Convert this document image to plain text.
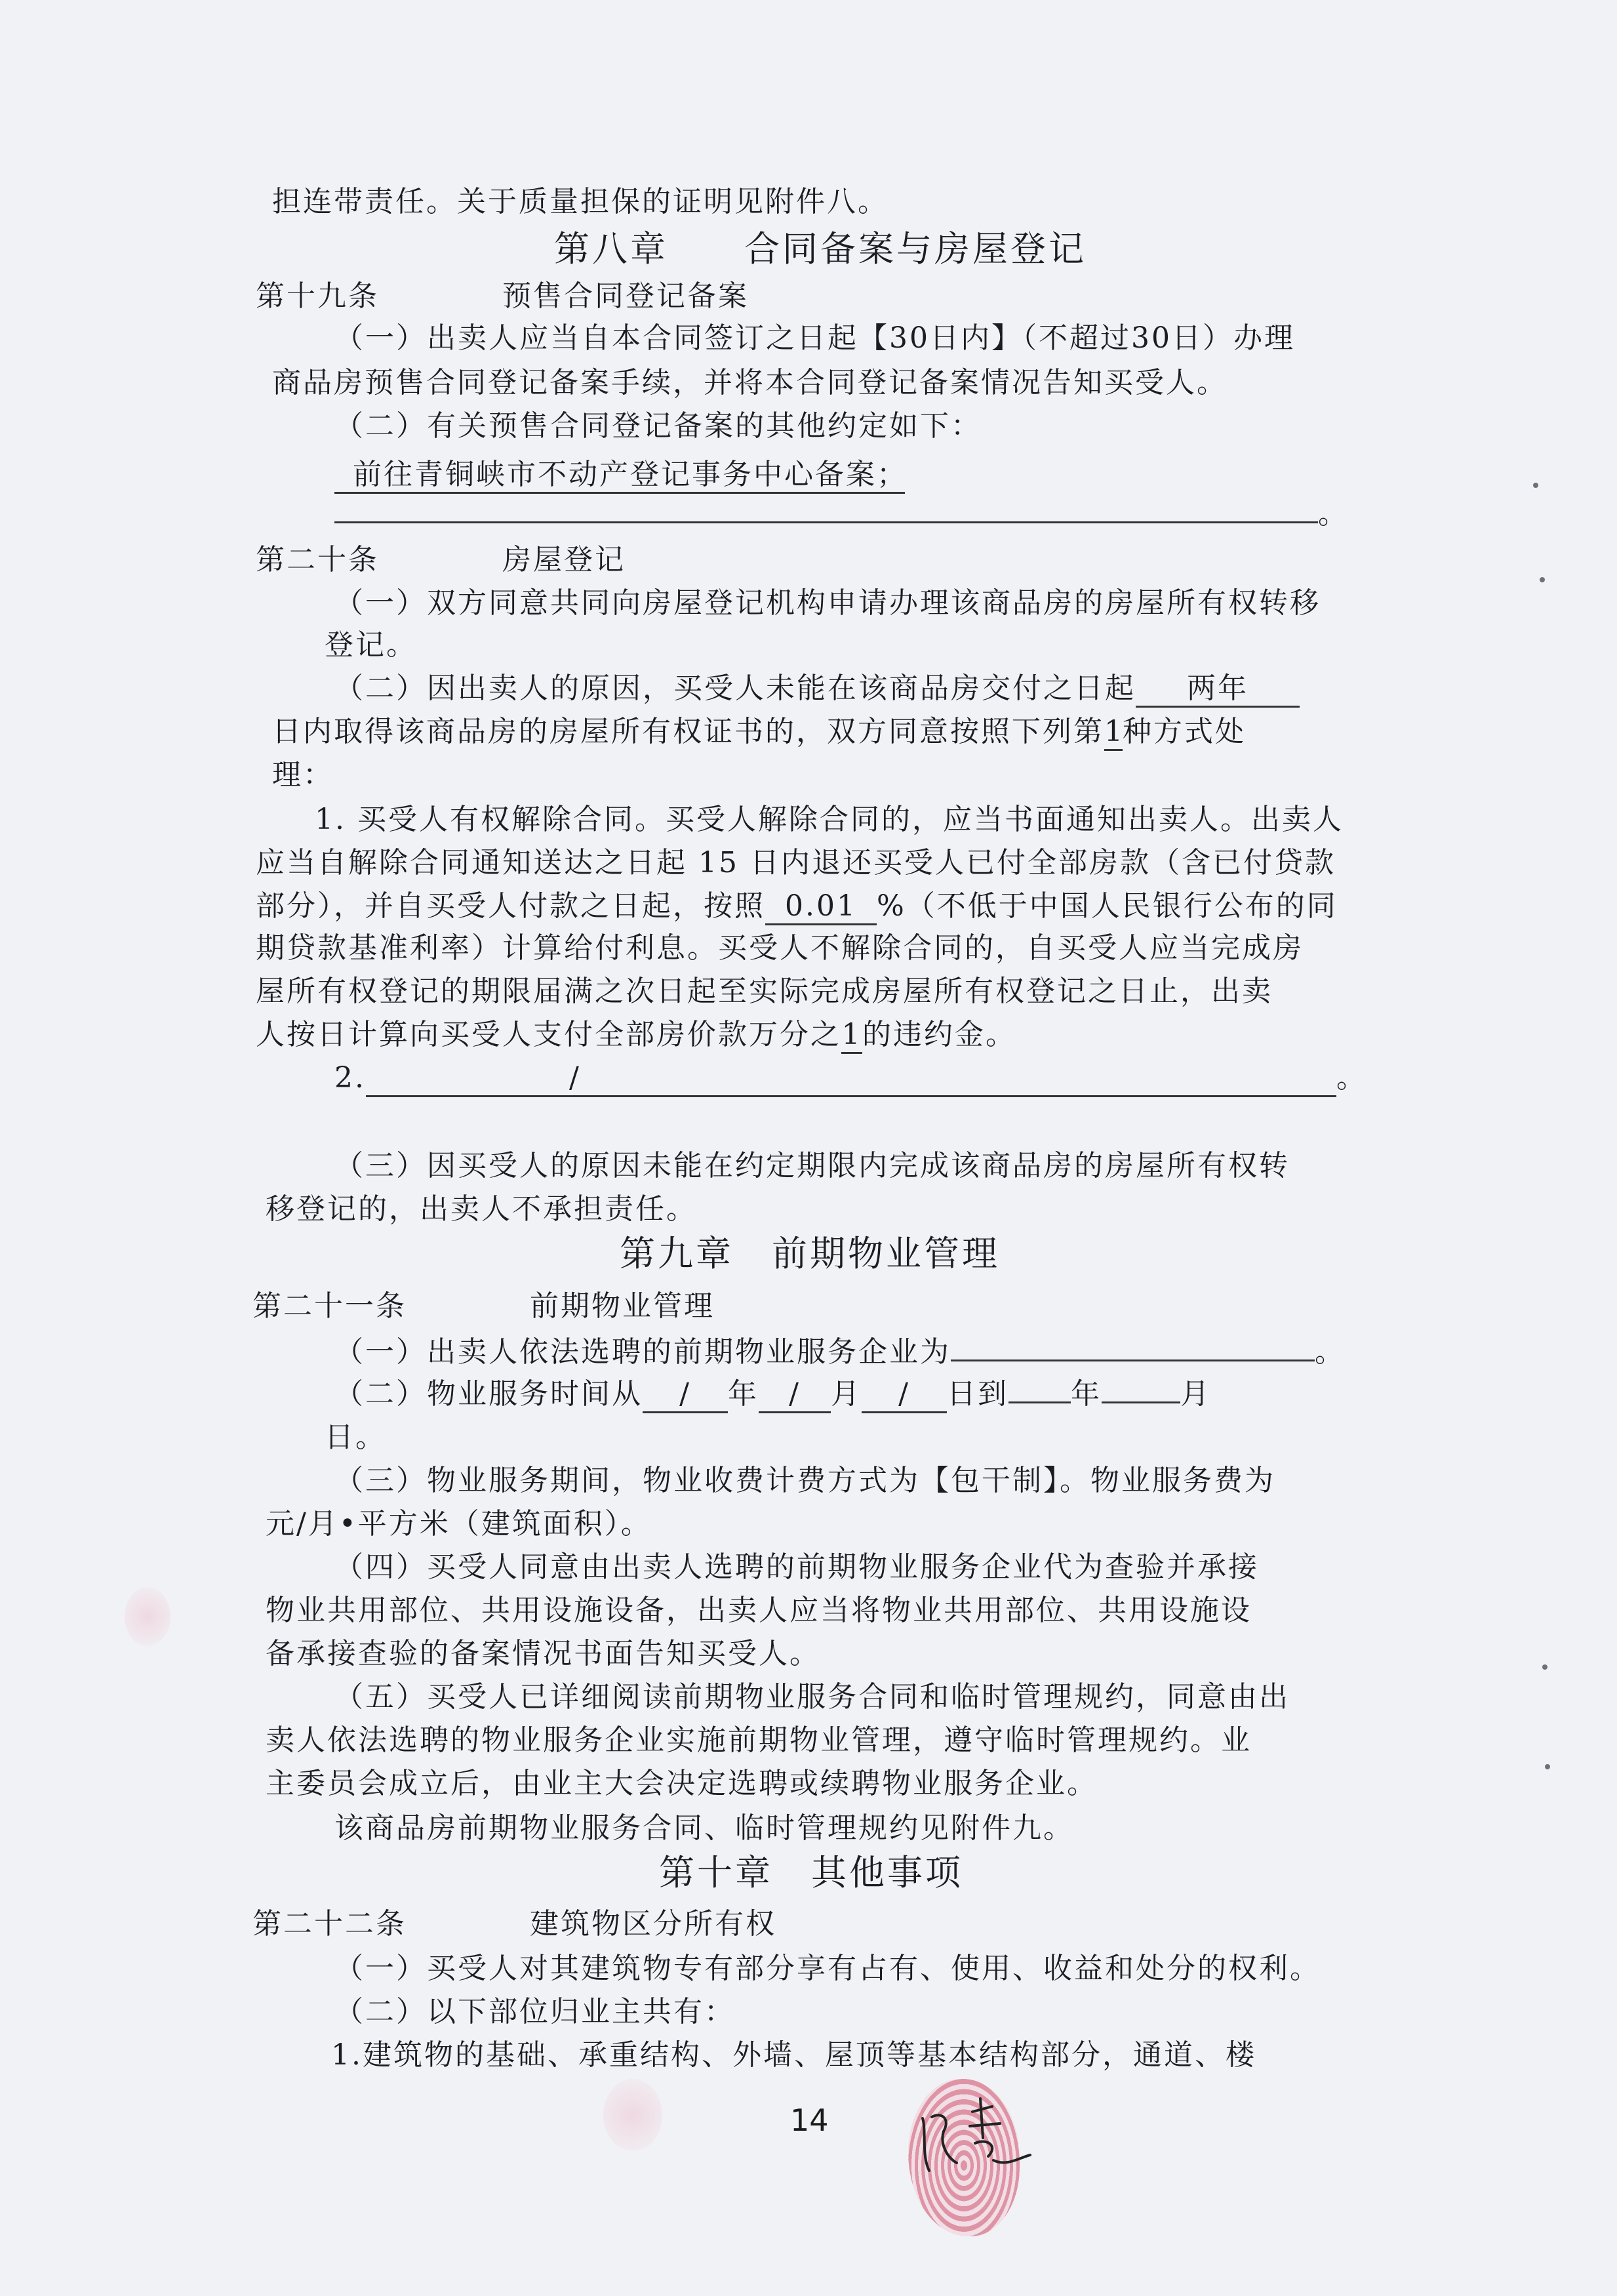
担连带责任。关于质量担保的证明见附件八。
第八章　　合同备案与房屋登记
第十九条　　　　预售合同登记备案
（一）出卖人应当自本合同签订之日起【30日内】（不超过30日）办理
商品房预售合同登记备案手续，并将本合同登记备案情况告知买受人。
（二）有关预售合同登记备案的其他约定如下：
前往青铜峡市不动产登记事务中心备案；
。
第二十条　　　　房屋登记
（一）双方同意共同向房屋登记机构申请办理该商品房的房屋所有权转移
登记。
（二）因出卖人的原因，买受人未能在该商品房交付之日起 两年
日内取得该商品房的房屋所有权证书的，双方同意按照下列第1种方式处
理：
1. 买受人有权解除合同。买受人解除合同的，应当书面通知出卖人。出卖人
应当自解除合同通知送达之日起 15 日内退还买受人已付全部房款（含已付贷款
部分），并自买受人付款之日起，按照 0.01 %（不低于中国人民银行公布的同
期贷款基准利率）计算给付利息。买受人不解除合同的，自买受人应当完成房
屋所有权登记的期限届满之次日起至实际完成房屋所有权登记之日止，出卖
人按日计算向买受人支付全部房价款万分之1的违约金。
2.	/	。
（三）因买受人的原因未能在约定期限内完成该商品房的房屋所有权转
移登记的，出卖人不承担责任。
第九章　前期物业管理
第二十一条　　　　前期物业管理
（一）出卖人依法选聘的前期物业服务企业为	。
（二）物业服务时间从 / 年 / 月 / 日到 年	月
日。
（三）物业服务期间，物业收费计费方式为【包干制】。物业服务费为
元/月•平方米（建筑面积）。
（四）买受人同意由出卖人选聘的前期物业服务企业代为查验并承接
物业共用部位、共用设施设备，出卖人应当将物业共用部位、共用设施设
备承接查验的备案情况书面告知买受人。
（五）买受人已详细阅读前期物业服务合同和临时管理规约，同意由出
卖人依法选聘的物业服务企业实施前期物业管理，遵守临时管理规约。业
主委员会成立后，由业主大会决定选聘或续聘物业服务企业。
该商品房前期物业服务合同、临时管理规约见附件九。
第十章　其他事项
第二十二条　　　　建筑物区分所有权
（一）买受人对其建筑物专有部分享有占有、使用、收益和处分的权利。
（二）以下部位归业主共有：
1.建筑物的基础、承重结构、外墙、屋顶等基本结构部分，通道、楼
14
